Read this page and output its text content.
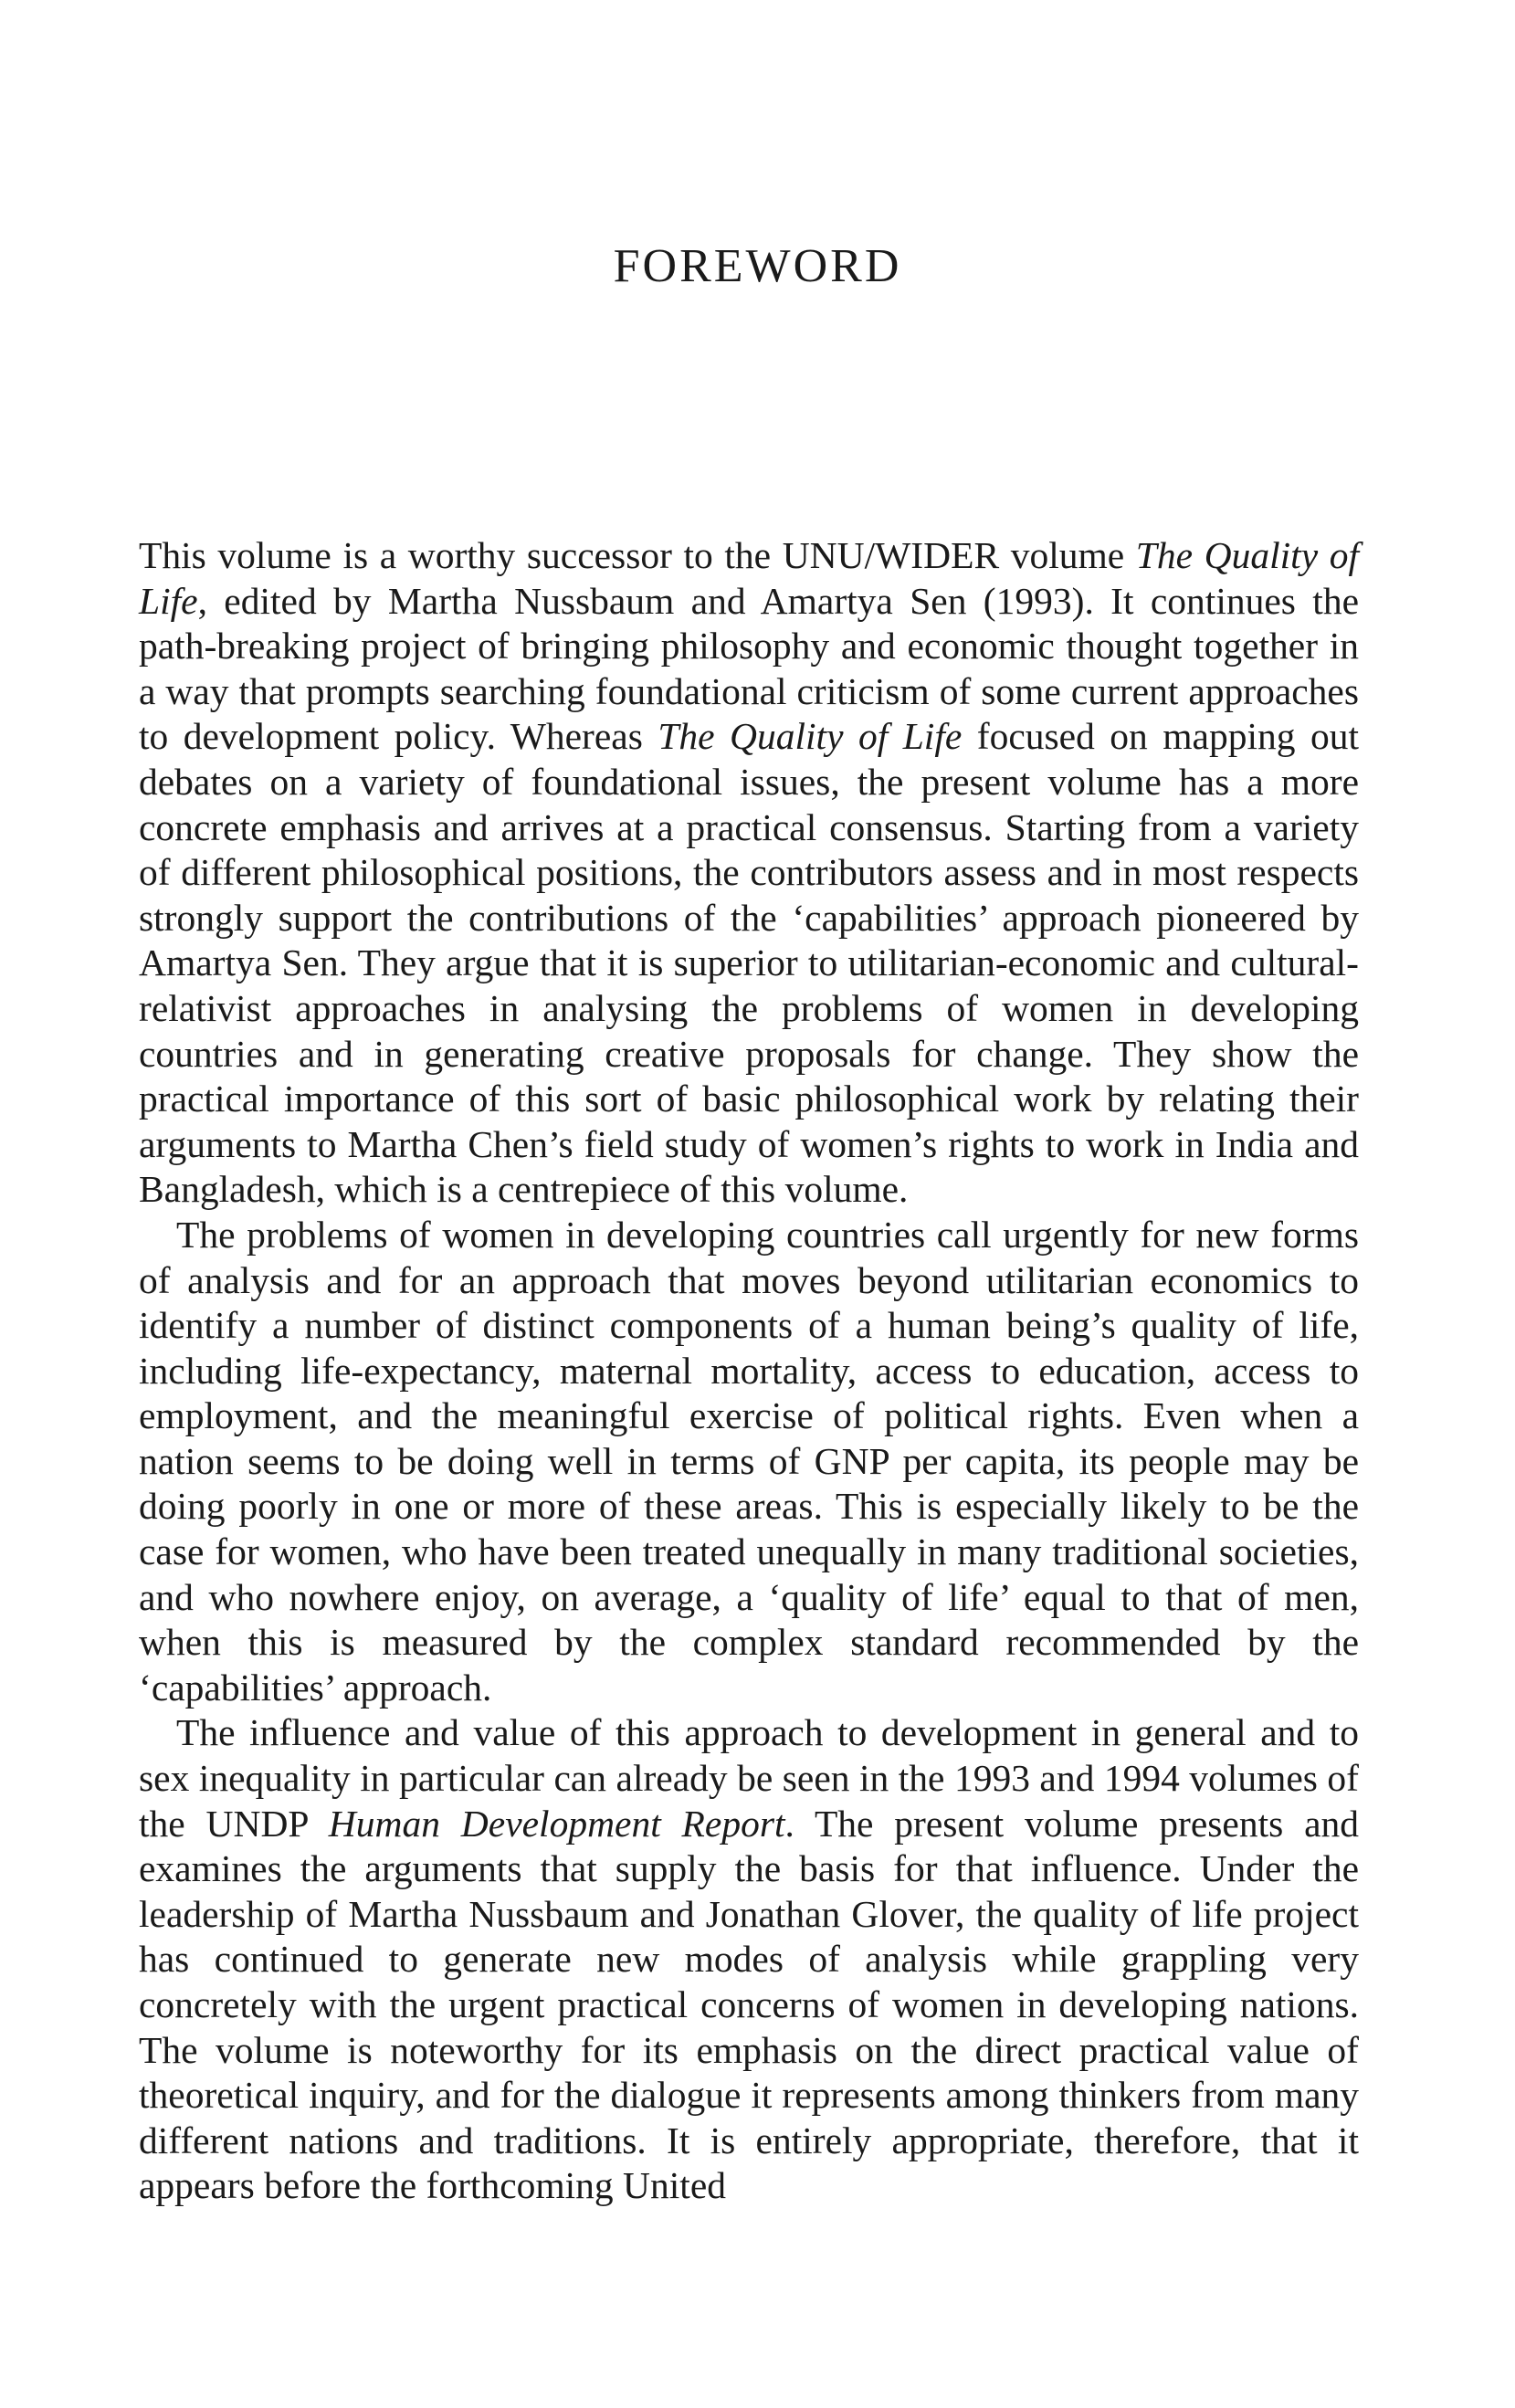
FOREWORD

This volume is a worthy successor to the UNU/WIDER volume The Quality of Life, edited by Martha Nussbaum and Amartya Sen (1993). It continues the path-breaking project of bringing philosophy and economic thought together in a way that prompts searching foundational criticism of some current approaches to development policy. Whereas The Quality of Life focused on mapping out debates on a variety of foundational issues, the present volume has a more concrete emphasis and arrives at a practical consensus. Starting from a variety of different philosophical positions, the contributors assess and in most respects strongly support the contributions of the ‘capabilities’ approach pioneered by Amartya Sen. They argue that it is superior to utilitarian-economic and cultural-relativist approaches in analysing the problems of women in developing countries and in generating creative proposals for change. They show the practical importance of this sort of basic philosophical work by relating their arguments to Martha Chen’s field study of women’s rights to work in India and Bangladesh, which is a centrepiece of this volume.

The problems of women in developing countries call urgently for new forms of analysis and for an approach that moves beyond utilitarian economics to identify a number of distinct components of a human being’s quality of life, including life-expectancy, maternal mortality, access to education, access to employment, and the meaningful exercise of political rights. Even when a nation seems to be doing well in terms of GNP per capita, its people may be doing poorly in one or more of these areas. This is especially likely to be the case for women, who have been treated unequally in many traditional societies, and who nowhere enjoy, on average, a ‘quality of life’ equal to that of men, when this is measured by the complex standard recommended by the ‘capabilities’ approach.

The influence and value of this approach to development in general and to sex inequality in particular can already be seen in the 1993 and 1994 volumes of the UNDP Human Development Report. The present volume presents and examines the arguments that supply the basis for that influence. Under the leadership of Martha Nussbaum and Jonathan Glover, the quality of life project has continued to generate new modes of analysis while grappling very concretely with the urgent practical concerns of women in developing nations. The volume is noteworthy for its emphasis on the direct practical value of theoretical inquiry, and for the dialogue it represents among thinkers from many different nations and traditions. It is entirely appropriate, therefore, that it appears before the forthcoming United
